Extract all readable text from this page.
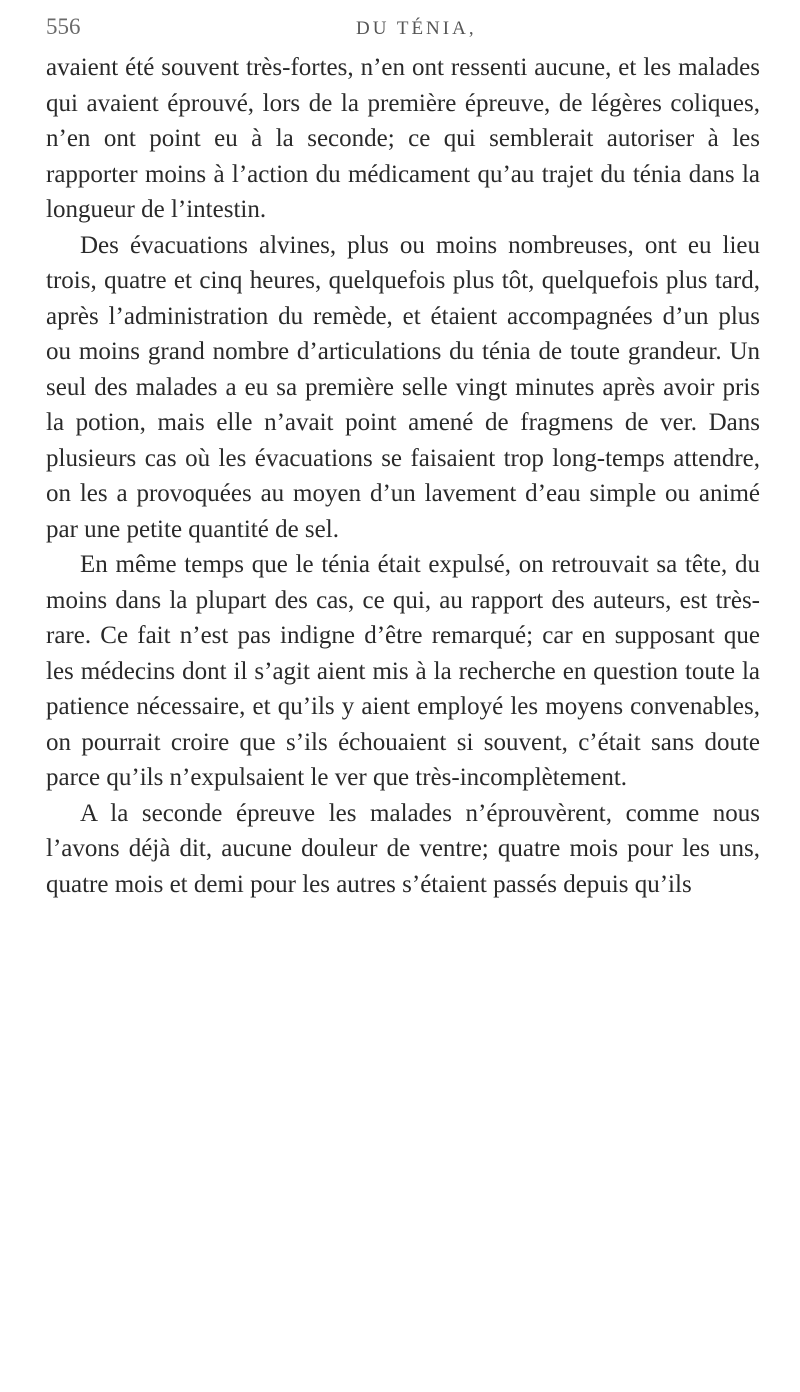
556	DU TÉNIA,

avaient été souvent très-fortes, n’en ont ressenti aucune, et les malades qui avaient éprouvé, lors de la première épreuve, de légères coliques, n’en ont point eu à la seconde; ce qui semblerait autoriser à les rapporter moins à l’action du médicament qu’au trajet du ténia dans la longueur de l’intestin.

Des évacuations alvines, plus ou moins nombreuses, ont eu lieu trois, quatre et cinq heures, quelquefois plus tôt, quelquefois plus tard, après l’administration du remède, et étaient accompagnées d’un plus ou moins grand nombre d’articulations du ténia de toute grandeur. Un seul des malades a eu sa première selle vingt minutes après avoir pris la potion, mais elle n’avait point amené de fragmens de ver. Dans plusieurs cas où les évacuations se faisaient trop long-temps attendre, on les a provoquées au moyen d’un lavement d’eau simple ou animé par une petite quantité de sel.

En même temps que le ténia était expulsé, on retrouvait sa tête, du moins dans la plupart des cas, ce qui, au rapport des auteurs, est très-rare. Ce fait n’est pas indigne d’être remarqué; car en supposant que les médecins dont il s’agit aient mis à la recherche en question toute la patience nécessaire, et qu’ils y aient employé les moyens convenables, on pourrait croire que s’ils échouaient si souvent, c’était sans doute parce qu’ils n’expulsaient le ver que très-incomplètement.

A la seconde épreuve les malades n’éprouvèrent, comme nous l’avons déjà dit, aucune douleur de ventre; quatre mois pour les uns, quatre mois et demi pour les autres s’étaient passés depuis qu’ils
